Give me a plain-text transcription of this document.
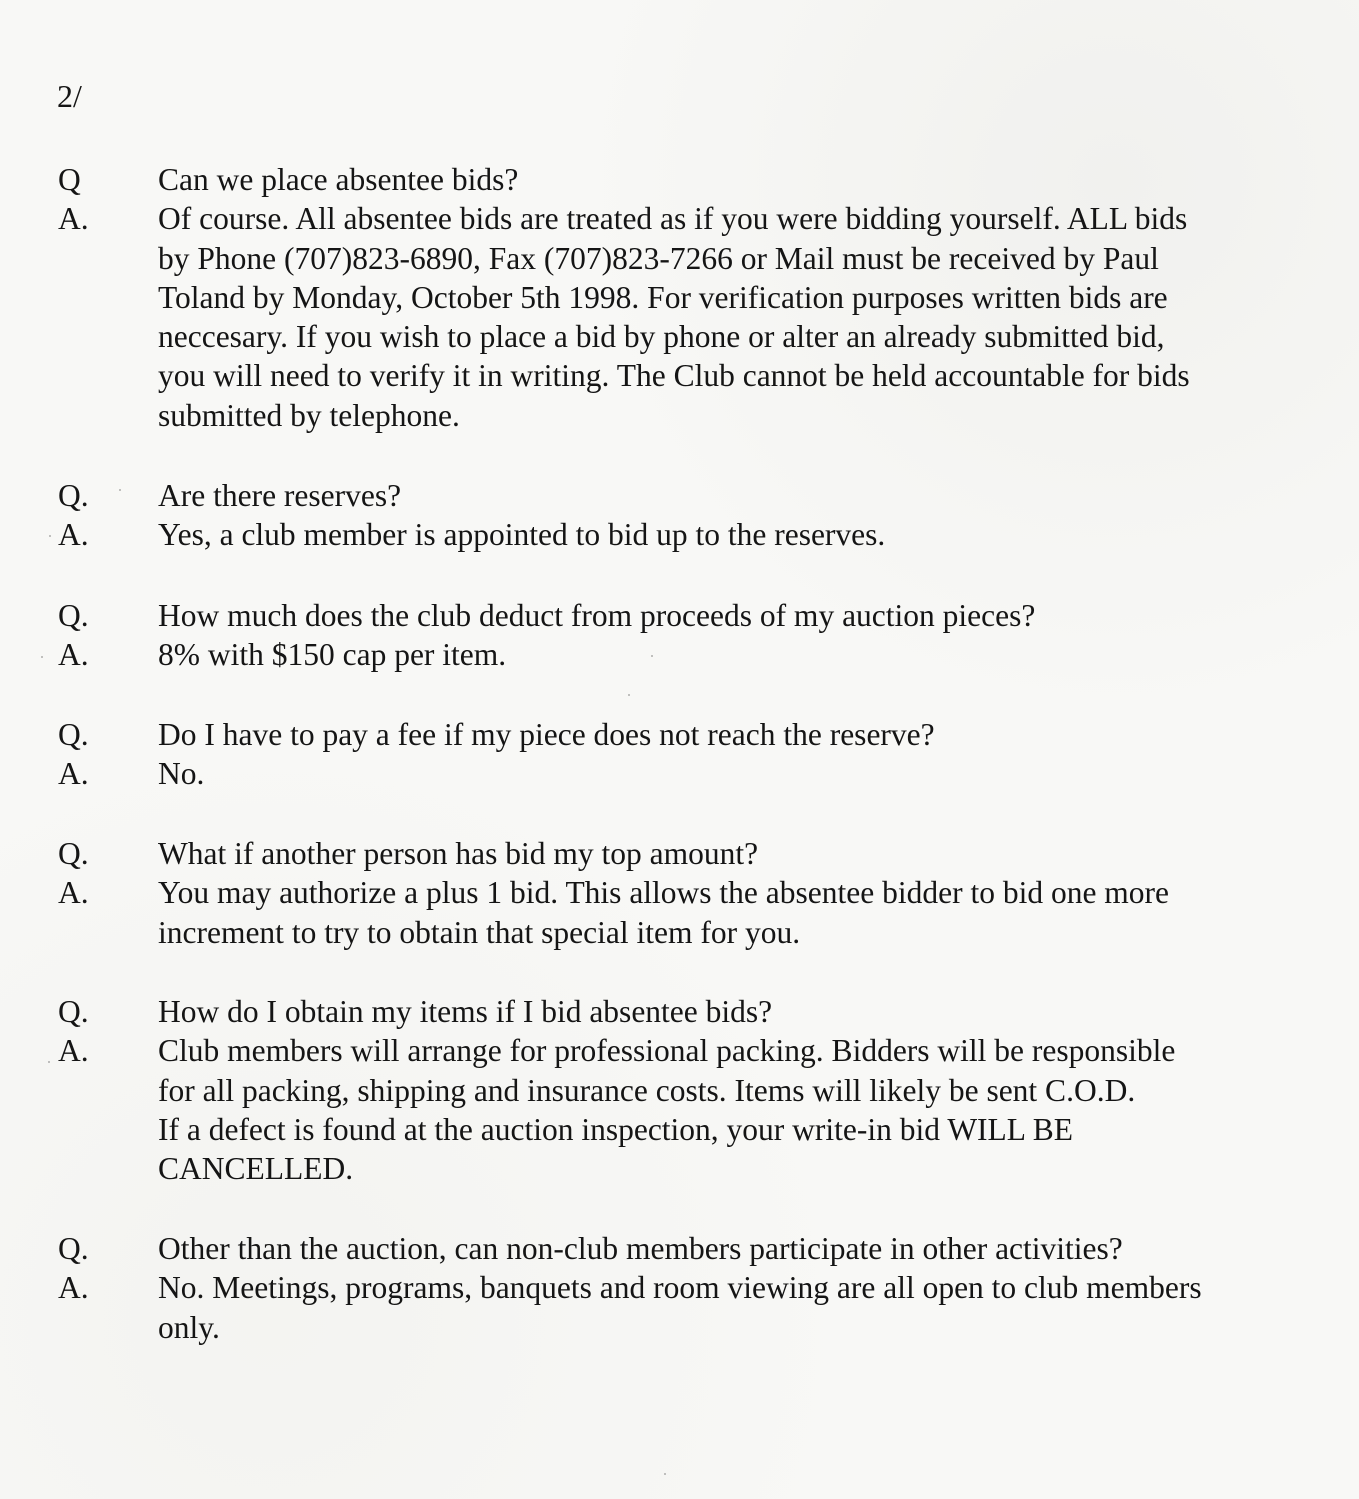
2/
Q	Can we place absentee bids?
A.	Of course. All absentee bids are treated as if you were bidding yourself. ALL bids
by Phone (707)823-6890, Fax (707)823-7266 or Mail must be received by Paul
Toland by Monday, October 5th 1998. For verification purposes written bids are
neccesary. If you wish to place a bid by phone or alter an already submitted bid,
you will need to verify it in writing. The Club cannot be held accountable for bids
submitted by telephone.
Q.	Are there reserves?
A.	Yes, a club member is appointed to bid up to the reserves.
Q.	How much does the club deduct from proceeds of my auction pieces?
A.	8% with $150 cap per item.
Q.	Do I have to pay a fee if my piece does not reach the reserve?
A.	No.
Q.	What if another person has bid my top amount?
A.	You may authorize a plus 1 bid. This allows the absentee bidder to bid one more
increment to try to obtain that special item for you.
Q.	How do I obtain my items if I bid absentee bids?
A.	Club members will arrange for professional packing. Bidders will be responsible
for all packing, shipping and insurance costs. Items will likely be sent C.O.D.
If a defect is found at the auction inspection, your write-in bid WILL BE
CANCELLED.
Q.	Other than the auction, can non-club members participate in other activities?
A.	No. Meetings, programs, banquets and room viewing are all open to club members
only.
